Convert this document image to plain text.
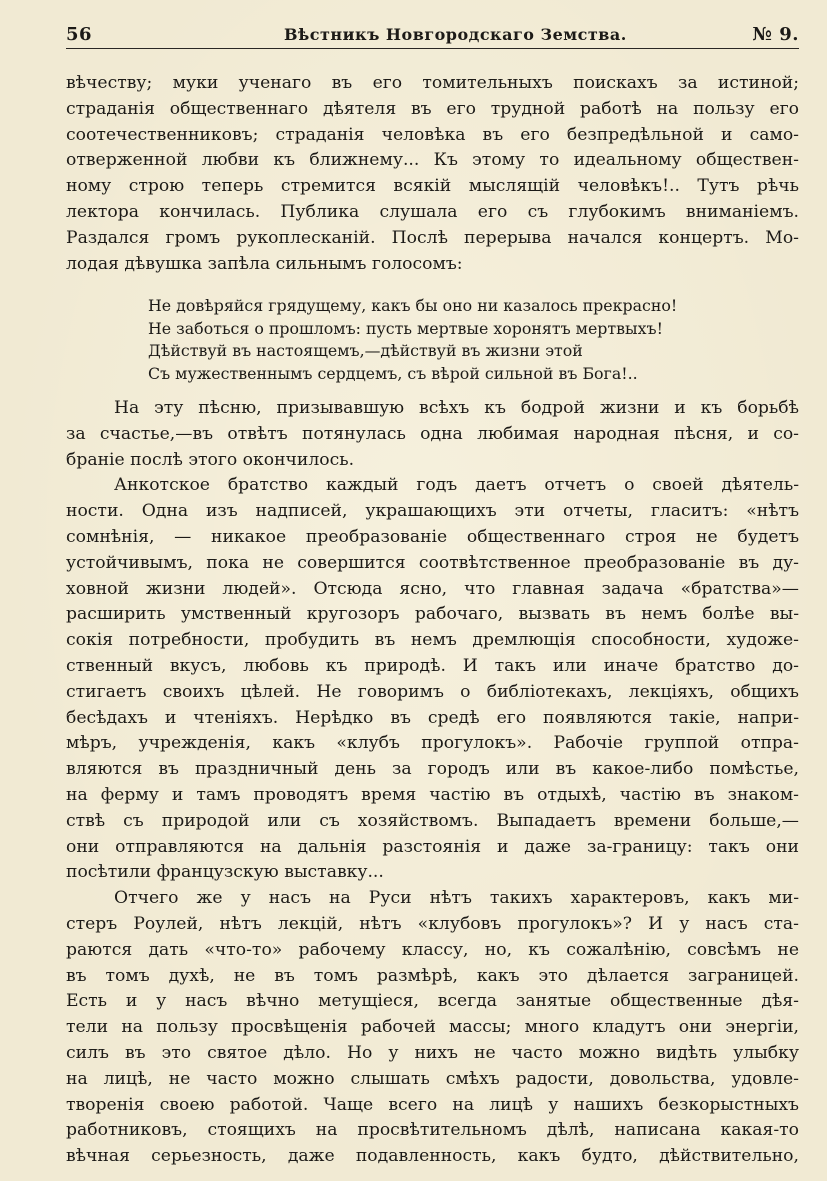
56	Вѣстникъ Новгородскаго Земства.	№ 9.
вѣчеству; муки ученаго въ его томительныхъ поискахъ за истиной;
страданія общественнаго дѣятеля въ его трудной работѣ на пользу его
соотечественниковъ; страданія человѣка въ его безпредѣльной и само-
отверженной любви къ ближнему... Къ этому то идеальному обществен-
ному строю теперь стремится всякій мыслящій человѣкъ!.. Тутъ рѣчь
лектора кончилась. Публика слушала его съ глубокимъ вниманіемъ.
Раздался громъ рукоплесканій. Послѣ перерыва начался концертъ. Мо-
лодая дѣвушка запѣла сильнымъ голосомъ:
Не довѣряйся грядущему, какъ бы оно ни казалось прекрасно!
Не заботься о прошломъ: пусть мертвые хоронятъ мертвыхъ!
Дѣйствуй въ настоящемъ,—дѣйствуй въ жизни этой
Съ мужественнымъ сердцемъ, съ вѣрой сильной въ Бога!..
На эту пѣсню, призывавшую всѣхъ къ бодрой жизни и къ борьбѣ
за счастье,—въ отвѣтъ потянулась одна любимая народная пѣсня, и со-
браніе послѣ этого окончилось.
Анкотское братство каждый годъ даетъ отчетъ о своей дѣятель-
ности. Одна изъ надписей, украшающихъ эти отчеты, гласитъ: «нѣтъ
сомнѣнія, — никакое преобразованіе общественнаго строя не будетъ
устойчивымъ, пока не совершится соотвѣтственное преобразованіе въ ду-
ховной жизни людей». Отсюда ясно, что главная задача «братства»—
расширить умственный кругозоръ рабочаго, вызвать въ немъ болѣе вы-
сокія потребности, пробудить въ немъ дремлющія способности, художе-
ственный вкусъ, любовь къ природѣ. И такъ или иначе братство до-
стигаетъ своихъ цѣлей. Не говоримъ о библіотекахъ, лекціяхъ, общихъ
бесѣдахъ и чтеніяхъ. Нерѣдко въ средѣ его появляются такіе, напри-
мѣръ, учрежденія, какъ «клубъ прогулокъ». Рабочіе группой отпра-
вляются въ праздничный день за городъ или въ какое-либо помѣстье,
на ферму и тамъ проводятъ время частію въ отдыхѣ, частію въ знаком-
ствѣ съ природой или съ хозяйствомъ. Выпадаетъ времени больше,—
они отправляются на дальнія разстоянія и даже за-границу: такъ они
посѣтили французскую выставку...
Отчего же у насъ на Руси нѣтъ такихъ характеровъ, какъ ми-
стеръ Роулей, нѣтъ лекцій, нѣтъ «клубовъ прогулокъ»? И у насъ ста-
раются дать «что-то» рабочему классу, но, къ сожалѣнію, совсѣмъ не
въ томъ духѣ, не въ томъ размѣрѣ, какъ это дѣлается заграницей.
Есть и у насъ вѣчно метущіеся, всегда занятые общественные дѣя-
тели на пользу просвѣщенія рабочей массы; много кладутъ они энергіи,
силъ въ это святое дѣло. Но у нихъ не часто можно видѣть улыбку
на лицѣ, не часто можно слышать смѣхъ радости, довольства, удовле-
творенія своею работой. Чаще всего на лицѣ у нашихъ безкорыстныхъ
работниковъ, стоящихъ на просвѣтительномъ дѣлѣ, написана какая-то
вѣчная серьезность, даже подавленность, какъ будто, дѣйствительно,
